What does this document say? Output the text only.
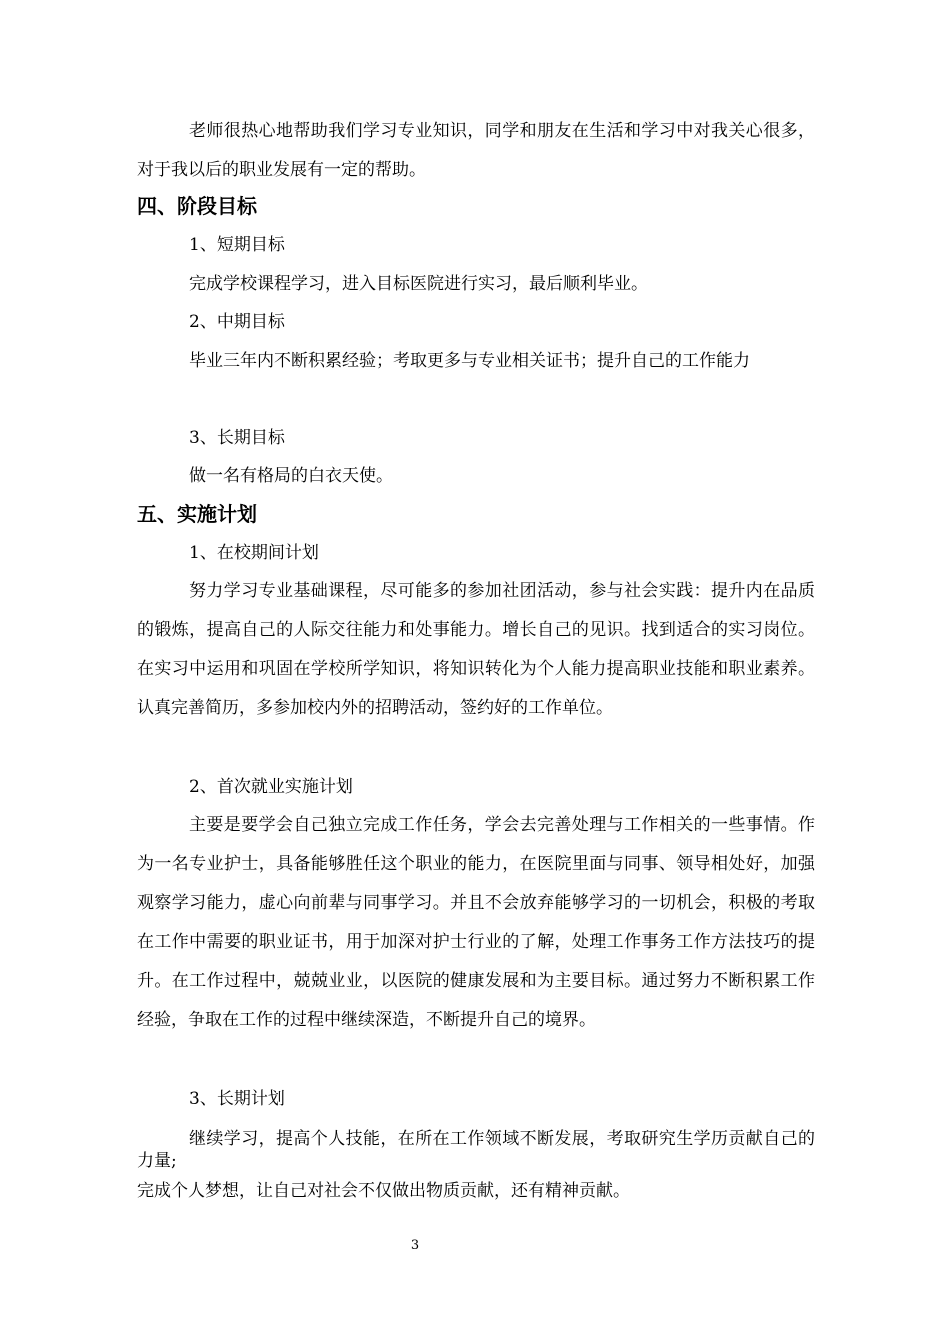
老师很热心地帮助我们学习专业知识，同学和朋友在生活和学习中对我关心很多，对于我以后的职业发展有一定的帮助。

四、阶段目标

1、短期目标

完成学校课程学习，进入目标医院进行实习，最后顺利毕业。

2、中期目标

毕业三年内不断积累经验；考取更多与专业相关证书；提升自己的工作能力

3、长期目标

做一名有格局的白衣天使。

五、实施计划

1、在校期间计划

努力学习专业基础课程，尽可能多的参加社团活动，参与社会实践：提升内在品质的锻炼，提高自己的人际交往能力和处事能力。增长自己的见识。找到适合的实习岗位。在实习中运用和巩固在学校所学知识，将知识转化为个人能力提高职业技能和职业素养。认真完善简历，多参加校内外的招聘活动，签约好的工作单位。

2、首次就业实施计划

主要是要学会自己独立完成工作任务，学会去完善处理与工作相关的一些事情。作为一名专业护士，具备能够胜任这个职业的能力，在医院里面与同事、领导相处好，加强观察学习能力，虚心向前辈与同事学习。并且不会放弃能够学习的一切机会，积极的考取在工作中需要的职业证书，用于加深对护士行业的了解，处理工作事务工作方法技巧的提升。在工作过程中，兢兢业业，以医院的健康发展和为主要目标。通过努力不断积累工作经验，争取在工作的过程中继续深造，不断提升自己的境界。

3、长期计划

继续学习，提高个人技能，在所在工作领域不断发展，考取研究生学历贡献自己的力量;

完成个人梦想，让自己对社会不仅做出物质贡献，还有精神贡献。

3
